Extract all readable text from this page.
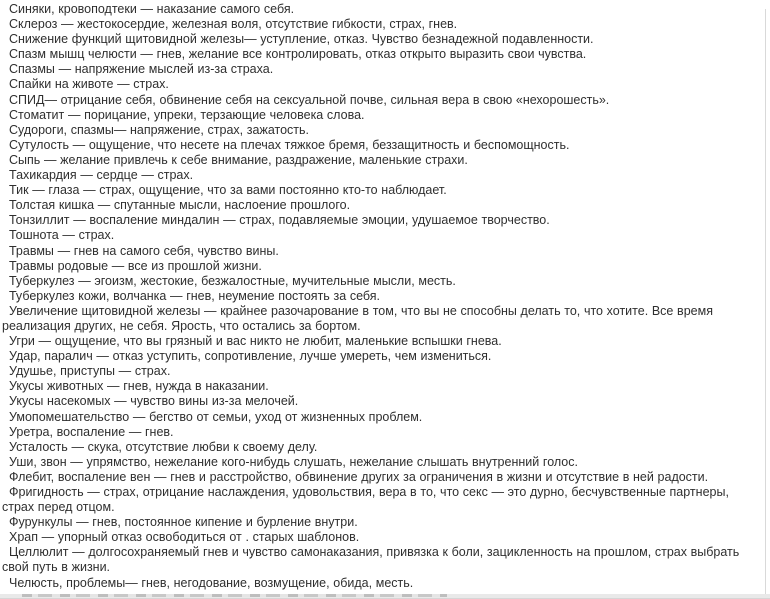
Синяки, кровоподтеки — наказание самого себя.

Склероз — жестокосердие, железная воля, отсутствие гибкости, страх, гнев.

Снижение функций щитовидной железы— уступление, отказ. Чувство безнадежной подавленности.

Спазм мышц челюсти — гнев, желание все контролировать, отказ открыто выразить свои чувства.

Спазмы — напряжение мыслей из-за страха.

Спайки на животе — страх.

СПИД— отрицание себя, обвинение себя на сексуальной почве, сильная вера в свою «нехорошесть».

Стоматит — порицание, упреки, терзающие человека слова.

Судороги, спазмы— напряжение, страх, зажатость.

Сутулость — ощущение, что несете на плечах тяжкое бремя, беззащитность и беспомощность.

Сыпь — желание привлечь к себе внимание, раздражение, маленькие страхи.

Тахикардия — сердце — страх.

Тик — глаза — страх, ощущение, что за вами постоянно кто-то наблюдает.

Толстая кишка — спутанные мысли, наслоение прошлого.

Тонзиллит — воспаление миндалин — страх, подавляемые эмоции, удушаемое творчество.

Тошнота — страх.

Травмы — гнев на самого себя, чувство вины.

Травмы родовые — все из прошлой жизни.

Туберкулез — эгоизм, жестокие, безжалостные, мучительные мысли, месть.

Туберкулез кожи, волчанка — гнев, неумение постоять за себя.

Увеличение щитовидной железы — крайнее разочарование в том, что вы не способны делать то, что хотите. Все время реализация других, не себя. Ярость, что остались за бортом.

Угри — ощущение, что вы грязный и вас никто не любит, маленькие вспышки гнева.

Удар, паралич — отказ уступить, сопротивление, лучше умереть, чем измениться.

Удушье, приступы — страх.

Укусы животных — гнев, нужда в наказании.

Укусы насекомых — чувство вины из-за мелочей.

Умопомешательство — бегство от семьи, уход от жизненных проблем.

Уретра, воспаление — гнев.

Усталость — скука, отсутствие любви к своему делу.

Уши, звон — упрямство, нежелание кого-нибудь слушать, нежелание слышать внутренний голос.

Флебит, воспаление вен — гнев и расстройство, обвинение других за ограничения в жизни и отсутствие в ней радости.

Фригидность — страх, отрицание наслаждения, удовольствия, вера в то, что секс — это дурно, бесчувственные партнеры, страх перед отцом.

Фурункулы — гнев, постоянное кипение и бурление внутри.

Храп — упорный отказ освободиться от . старых шаблонов.

Целлюлит — долгосохраняемый гнев и чувство самонаказания, привязка к боли, зацикленность на прошлом, страх выбрать свой путь в жизни.

Челюсть, проблемы— гнев, негодование, возмущение, обида, месть.
